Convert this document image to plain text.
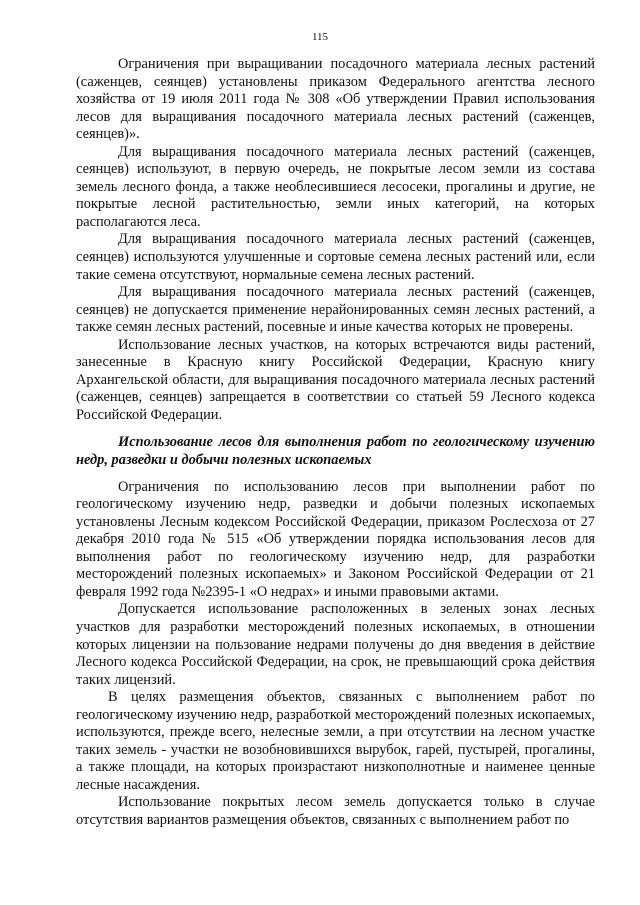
115

Ограничения при выращивании посадочного материала лесных растений (саженцев, сеянцев) установлены приказом Федерального агентства лесного хозяйства от 19 июля 2011 года № 308 «Об утверждении Правил использования лесов для выращивания посадочного материала лесных растений (саженцев, сеянцев)».

Для выращивания посадочного материала лесных растений (саженцев, сеянцев) используют, в первую очередь, не покрытые лесом земли из состава земель лесного фонда, а также необлесившиеся лесосеки, прогалины и другие, не покрытые лесной растительностью, земли иных категорий, на которых располагаются леса.

Для выращивания посадочного материала лесных растений (саженцев, сеянцев) используются улучшенные и сортовые семена лесных растений или, если такие семена отсутствуют, нормальные семена лесных растений.

Для выращивания посадочного материала лесных растений (саженцев, сеянцев) не допускается применение нерайонированных семян лесных растений, а также семян лесных растений, посевные и иные качества которых не проверены.

Использование лесных участков, на которых встречаются виды растений, занесенные в Красную книгу Российской Федерации, Красную книгу Архангельской области, для выращивания посадочного материала лесных растений (саженцев, сеянцев) запрещается в соответствии со статьей 59 Лесного кодекса Российской Федерации.

Использование лесов для выполнения работ по геологическому изучению недр, разведки и добычи полезных ископаемых

Ограничения по использованию лесов при выполнении работ по геологическому изучению недр, разведки и добычи полезных ископаемых установлены Лесным кодексом Российской Федерации, приказом Рослесхоза от 27 декабря 2010 года № 515 «Об утверждении порядка использования лесов для выполнения работ по геологическому изучению недр, для разработки месторождений полезных ископаемых» и Законом Российской Федерации от 21 февраля 1992 года №2395-1 «О недрах» и иными правовыми актами.

Допускается использование расположенных в зеленых зонах лесных участков для разработки месторождений полезных ископаемых, в отношении которых лицензии на пользование недрами получены до дня введения в действие Лесного кодекса Российской Федерации, на срок, не превышающий срока действия таких лицензий.

В целях размещения объектов, связанных с выполнением работ по геологическому изучению недр, разработкой месторождений полезных ископаемых, используются, прежде всего, нелесные земли, а при отсутствии на лесном участке таких земель - участки не возобновившихся вырубок, гарей, пустырей, прогалины, а также площади, на которых произрастают низкополнотные и наименее ценные лесные насаждения.

Использование покрытых лесом земель допускается только в случае отсутствия вариантов размещения объектов, связанных с выполнением работ по
